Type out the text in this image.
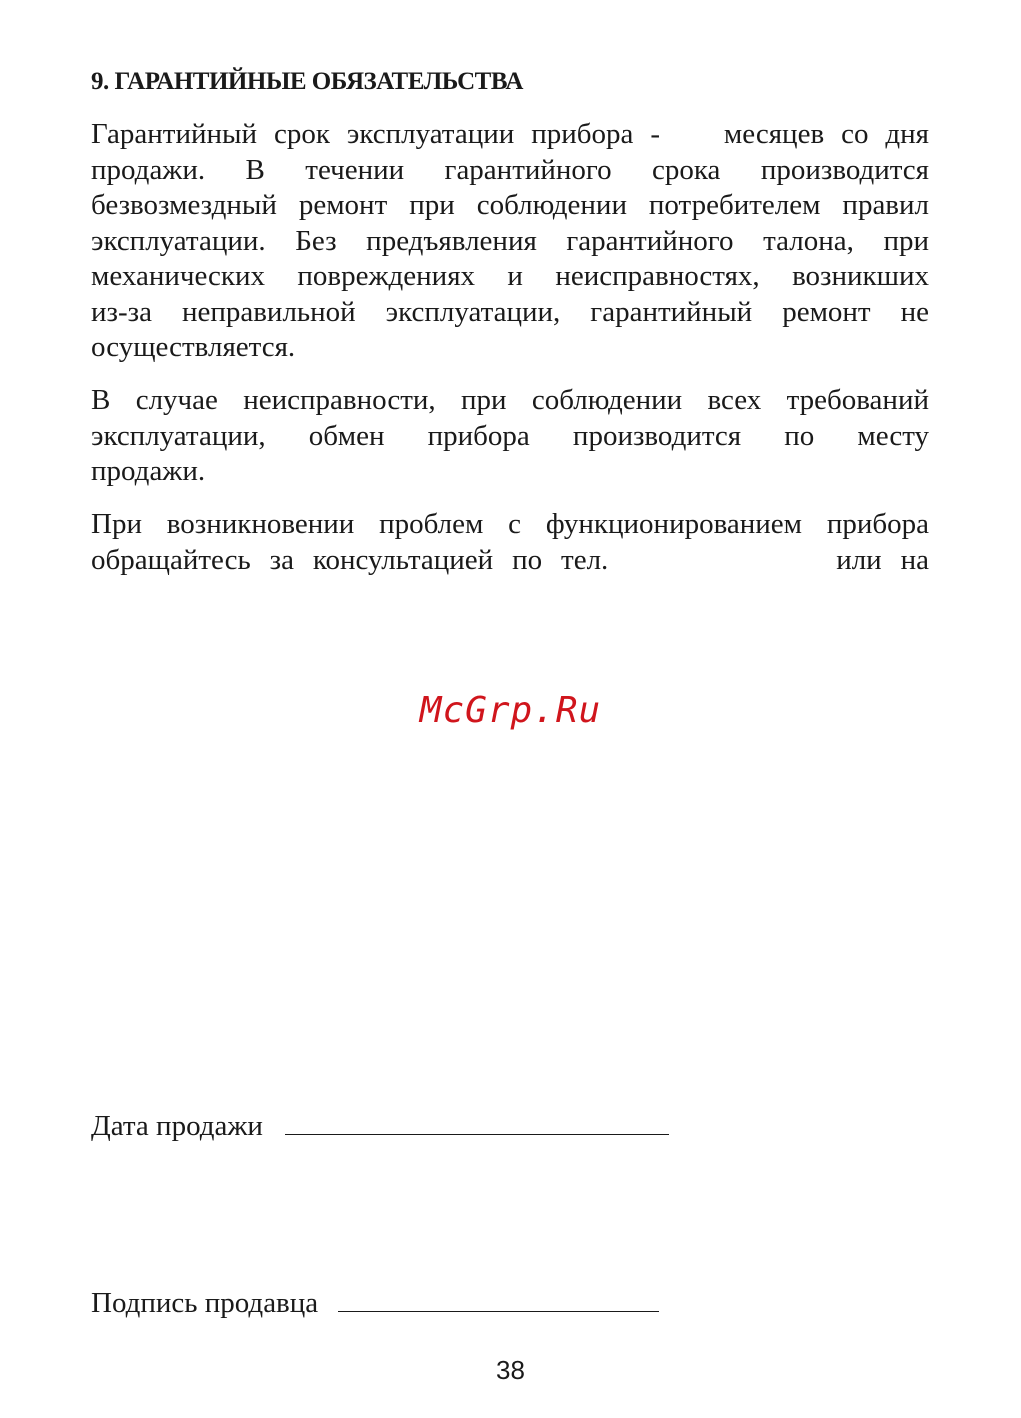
9. ГАРАНТИЙНЫЕ ОБЯЗАТЕЛЬСТВА
Гарантийный срок эксплуатации прибора - месяцев со дня
продажи. В течении гарантийного срока производится
безвозмездный ремонт при соблюдении потребителем правил
эксплуатации. Без предъявления гарантийного талона, при
механических повреждениях и неисправностях, возникших
из-за неправильной эксплуатации, гарантийный ремонт не
осуществляется.
В случае неисправности, при соблюдении всех требований
эксплуатации, обмен прибора производится по месту
продажи.
При возникновении проблем с функционированием прибора
обращайтесь за консультацией по тел.	или на
McGrp.Ru
Дата продажи
Подпись продавца
38
